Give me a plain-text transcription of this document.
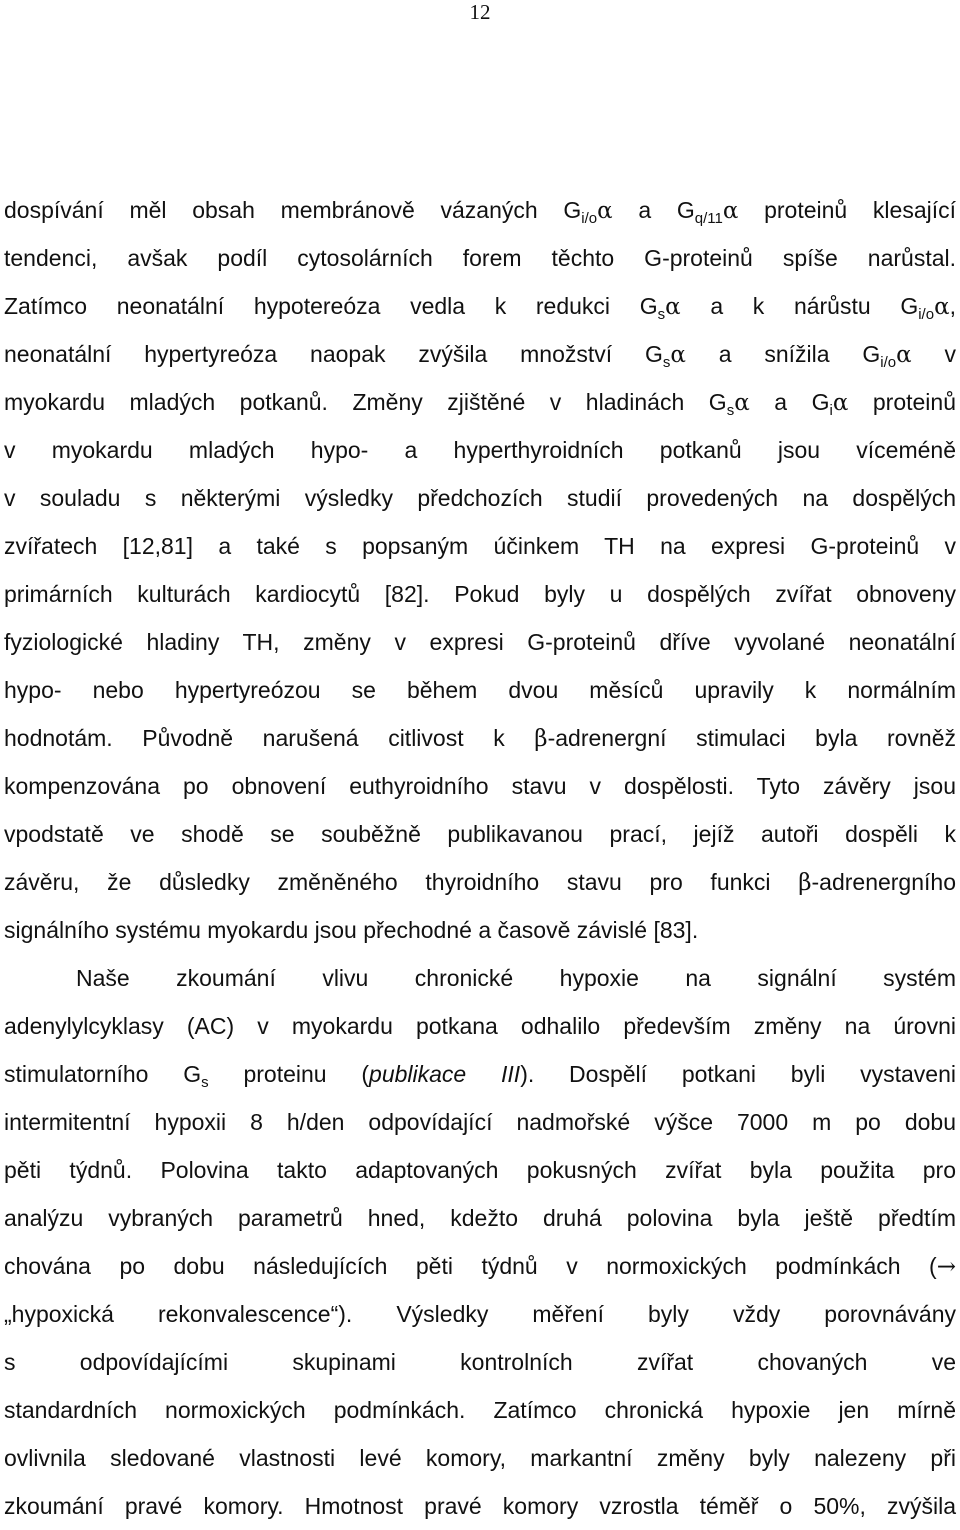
12
dospívání měl obsah membránově vázaných $G_{i/o}\alpha$ a $G_{q/11}\alpha$ proteinů klesající
tendenci, avšak podíl cytosolárních forem těchto G-proteinů spíše narůstal.
Zatímco neonatální hypotereóza vedla k redukci $G_s\alpha$ a k nárůstu $G_{i/o}\alpha$,
neonatální hypertyreóza naopak zvýšila množství $G_s\alpha$ a snížila $G_{i/o}\alpha$ v
myokardu mladých potkanů. Změny zjištěné v hladinách $G_s\alpha$ a $G_i\alpha$ proteinů
v myokardu mladých hypo- a hyperthyroidních potkanů jsou víceméně
v souladu s některými výsledky předchozích studií provedených na dospělých
zvířatech [12,81] a také s popsaným účinkem TH na expresi G-proteinů v
primárních kulturách kardiocytů [82]. Pokud byly u dospělých zvířat obnoveny
fyziologické hladiny TH, změny v expresi G-proteinů dříve vyvolané neonatální
hypo- nebo hypertyreózou se během dvou měsíců upravily k normálním
hodnotám. Původně narušená citlivost k β-adrenergní stimulaci byla rovněž
kompenzována po obnovení euthyroidního stavu v dospělosti. Tyto závěry jsou
vpodstatě ve shodě se souběžně publikavanou prací, jejíž autoři dospěli k
závěru, že důsledky změněného thyroidního stavu pro funkci β-adrenergního
signálního systému myokardu jsou přechodné a časově závislé [83].
Naše zkoumání vlivu chronické hypoxie na signální systém
adenylylcyklasy (AC) v myokardu potkana odhalilo především změny na úrovni
stimulatorního $G_s$ proteinu (publikace III). Dospělí potkani byli vystaveni
intermitentní hypoxii 8 h/den odpovídající nadmořské výšce 7000 m po dobu
pěti týdnů. Polovina takto adaptovaných pokusných zvířat byla použita pro
analýzu vybraných parametrů hned, kdežto druhá polovina byla ještě předtím
chována po dobu následujících pěti týdnů v normoxických podmínkách (→
„hypoxická rekonvalescence“). Výsledky měření byly vždy porovnávány
s odpovídajícími skupinami kontrolních zvířat chovaných ve
standardních normoxických podmínkách. Zatímco chronická hypoxie jen mírně
ovlivnila sledované vlastnosti levé komory, markantní změny byly nalezeny při
zkoumání pravé komory. Hmotnost pravé komory vzrostla téměř o 50%, zvýšila
